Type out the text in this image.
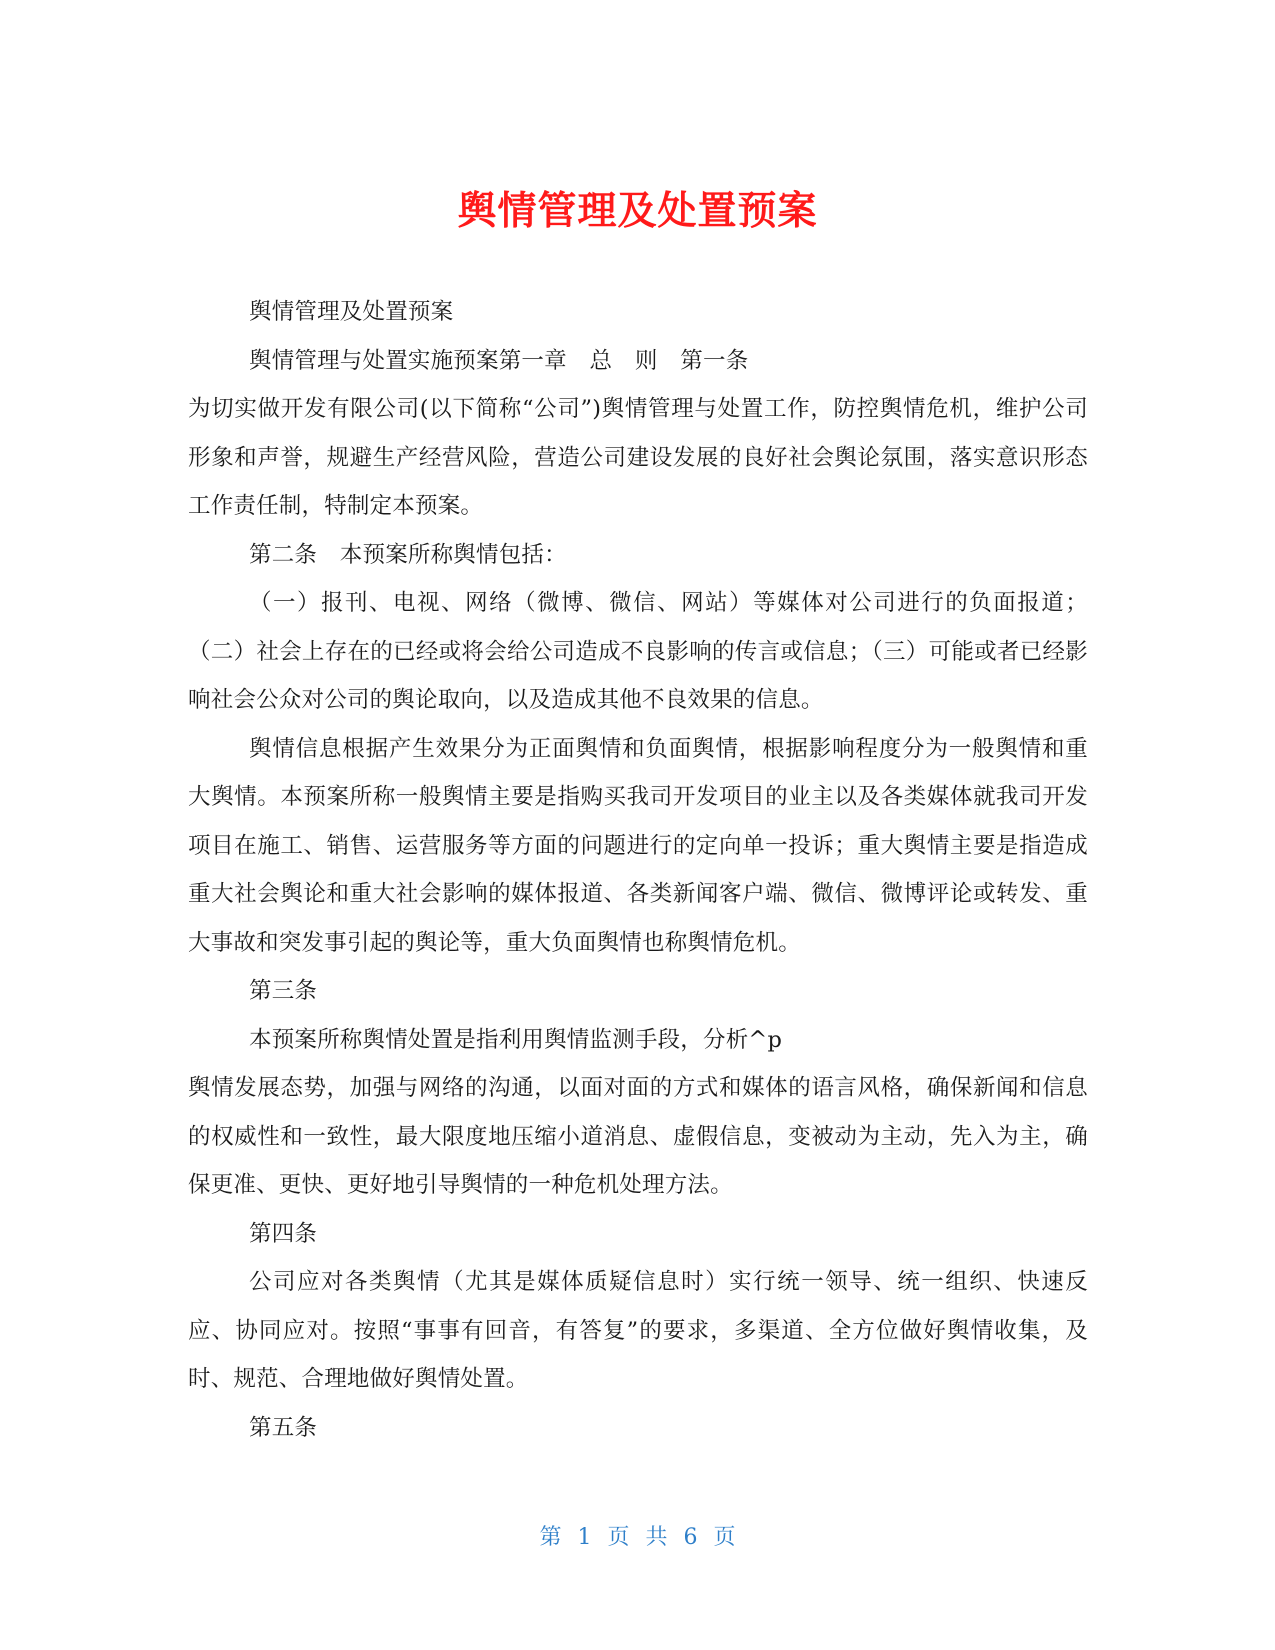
舆情管理及处置预案

舆情管理及处置预案

舆情管理与处置实施预案第一章　总　则　第一条

为切实做开发有限公司(以下简称“公司”)舆情管理与处置工作，防控舆情危机，维护公司形象和声誉，规避生产经营风险，营造公司建设发展的良好社会舆论氛围，落实意识形态工作责任制，特制定本预案。

第二条　本预案所称舆情包括：

（一）报刊、电视、网络（微博、微信、网站）等媒体对公司进行的负面报道；（二）社会上存在的已经或将会给公司造成不良影响的传言或信息；（三）可能或者已经影响社会公众对公司的舆论取向，以及造成其他不良效果的信息。

舆情信息根据产生效果分为正面舆情和负面舆情，根据影响程度分为一般舆情和重大舆情。本预案所称一般舆情主要是指购买我司开发项目的业主以及各类媒体就我司开发项目在施工、销售、运营服务等方面的问题进行的定向单一投诉；重大舆情主要是指造成重大社会舆论和重大社会影响的媒体报道、各类新闻客户端、微信、微博评论或转发、重大事故和突发事引起的舆论等，重大负面舆情也称舆情危机。

第三条

本预案所称舆情处置是指利用舆情监测手段，分析^p

舆情发展态势，加强与网络的沟通，以面对面的方式和媒体的语言风格，确保新闻和信息的权威性和一致性，最大限度地压缩小道消息、虚假信息，变被动为主动，先入为主，确保更准、更快、更好地引导舆情的一种危机处理方法。

第四条

公司应对各类舆情（尤其是媒体质疑信息时）实行统一领导、统一组织、快速反应、协同应对。按照“事事有回音，有答复”的要求，多渠道、全方位做好舆情收集，及时、规范、合理地做好舆情处置。

第五条

第 1 页 共 6 页
